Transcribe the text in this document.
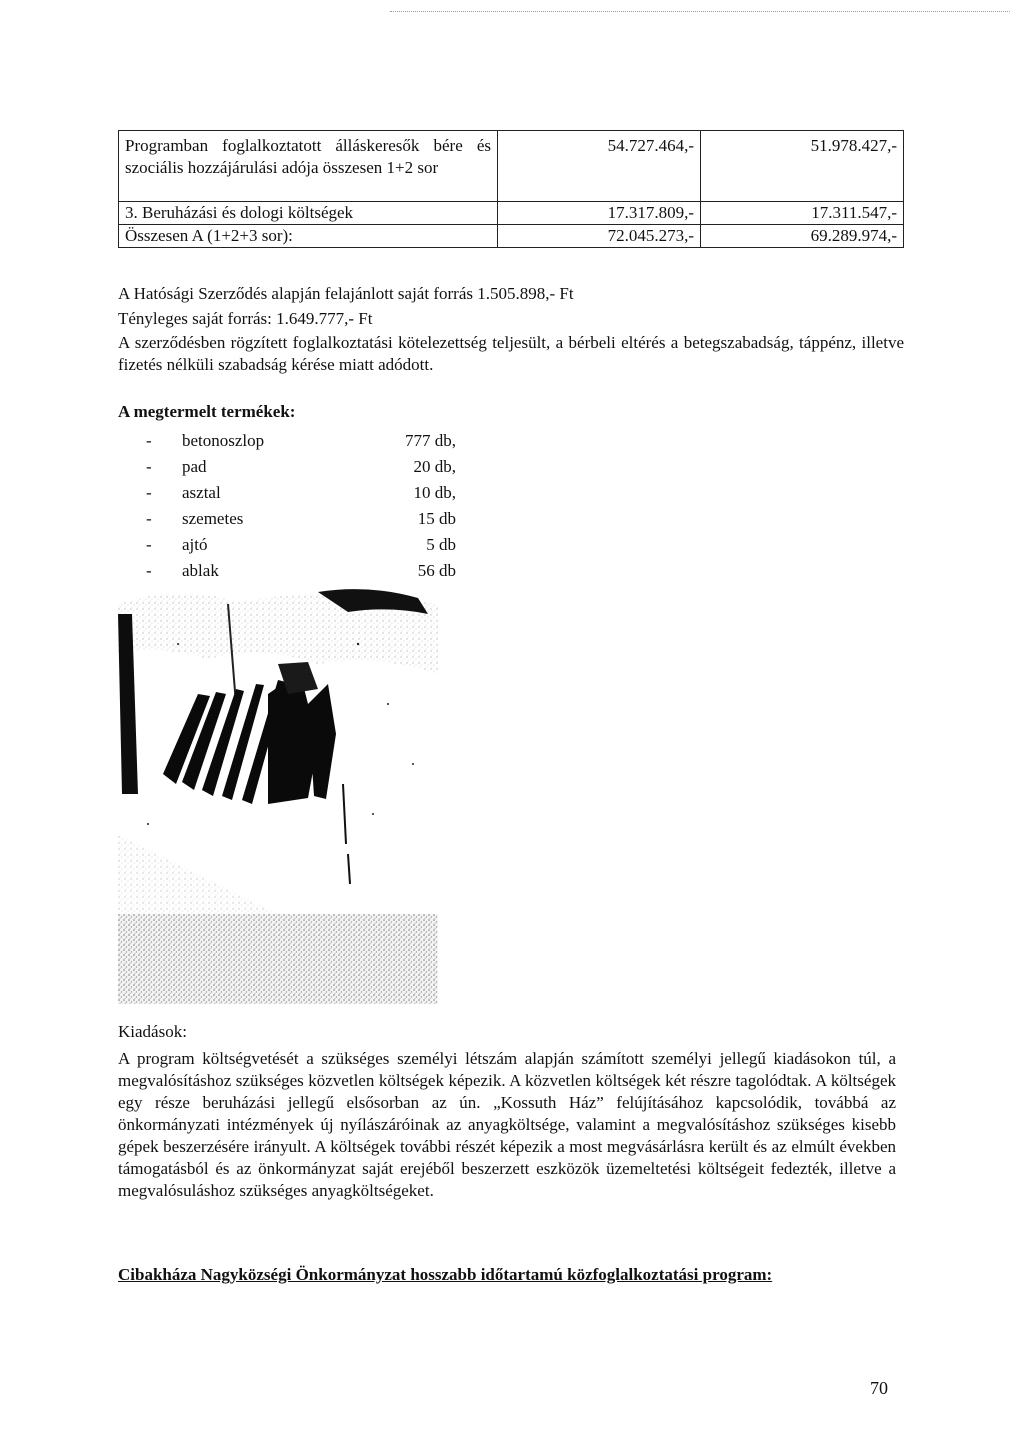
Programban foglalkoztatott álláskeresők bére és szociális hozzájárulási adója összesen 1+2 sor	54.727.464,-	51.978.427,-
3. Beruházási és dologi költségek	17.317.809,-	17.311.547,-
Összesen A (1+2+3 sor):	72.045.273,-	69.289.974,-
A Hatósági Szerződés alapján felajánlott saját forrás 1.505.898,- Ft
Tényleges saját forrás: 1.649.777,- Ft
A szerződésben rögzített foglalkoztatási kötelezettség teljesült, a bérbeli eltérés a betegszabadság, táppénz, illetve fizetés nélküli szabadság kérése miatt adódott.
A megtermelt termékek:
-	betonoszlop	777 db,
-	pad	20 db,
-	asztal	10 db,
-	szemetes	15 db
-	ajtó	5 db
-	ablak	56 db
Kiadások:
A program költségvetését a szükséges személyi létszám alapján számított személyi jellegű kiadásokon túl, a megvalósításhoz szükséges közvetlen költségek képezik. A közvetlen költségek két részre tagolódtak. A költségek egy része beruházási jellegű elsősorban az ún. „Kossuth Ház” felújításához kapcsolódik, továbbá az önkormányzati intézmények új nyílászáróinak az anyagköltsége, valamint a megvalósításhoz szükséges kisebb gépek beszerzésére irányult. A költségek további részét képezik a most megvásárlásra került és az elmúlt években támogatásból és az önkormányzat saját erejéből beszerzett eszközök üzemeltetési költségeit fedezték, illetve a megvalósuláshoz szükséges anyagköltségeket.
Cibakháza Nagyközségi Önkormányzat hosszabb időtartamú közfoglalkoztatási program:
70
